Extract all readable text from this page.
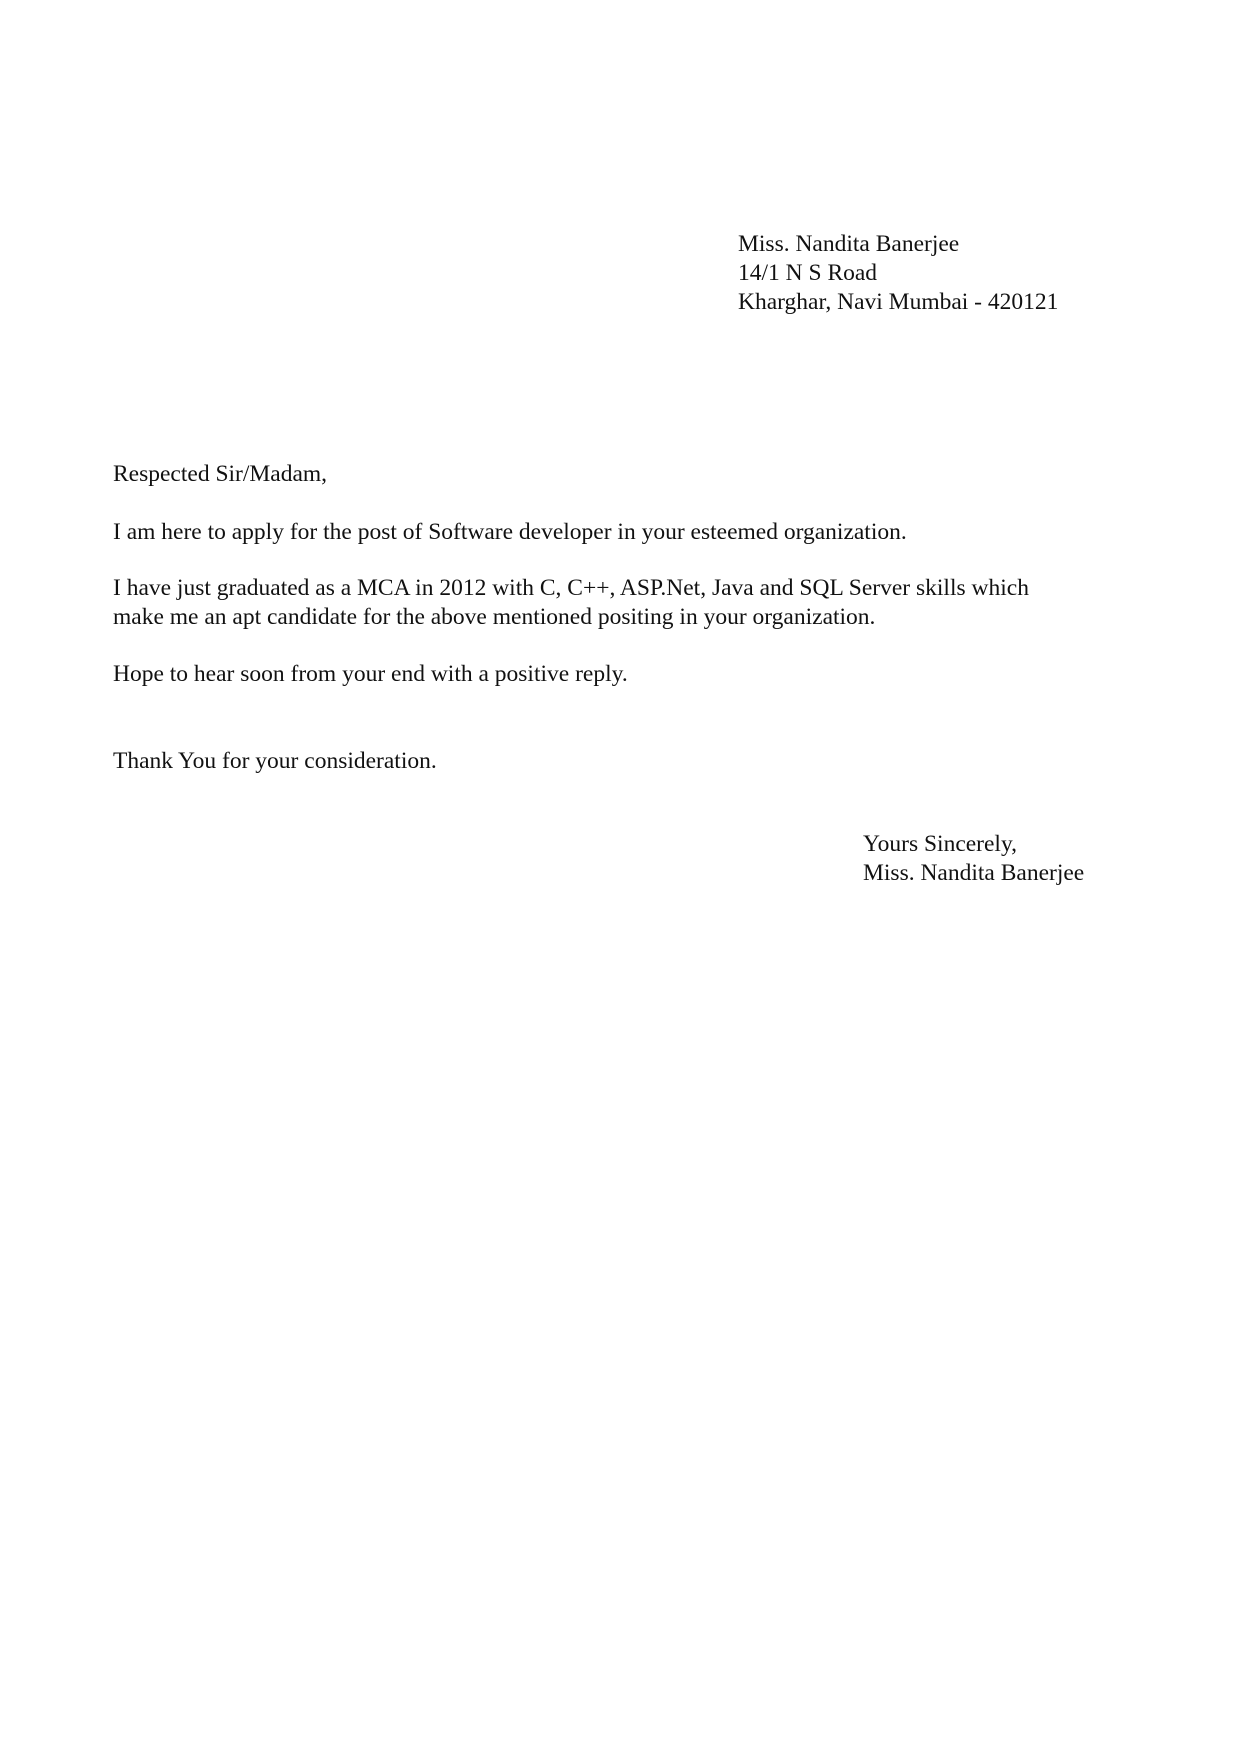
Miss. Nandita Banerjee
14/1 N S Road
Kharghar, Navi Mumbai - 420121
Respected Sir/Madam,
I am here to apply for the post of Software developer in your esteemed organization.
I have just graduated as a MCA in 2012 with C, C++, ASP.Net, Java and SQL Server skills which
make me an apt candidate for the above mentioned positing in your organization.
Hope to hear soon from your end with a positive reply.
Thank You for your consideration.
Yours Sincerely,
Miss. Nandita Banerjee
